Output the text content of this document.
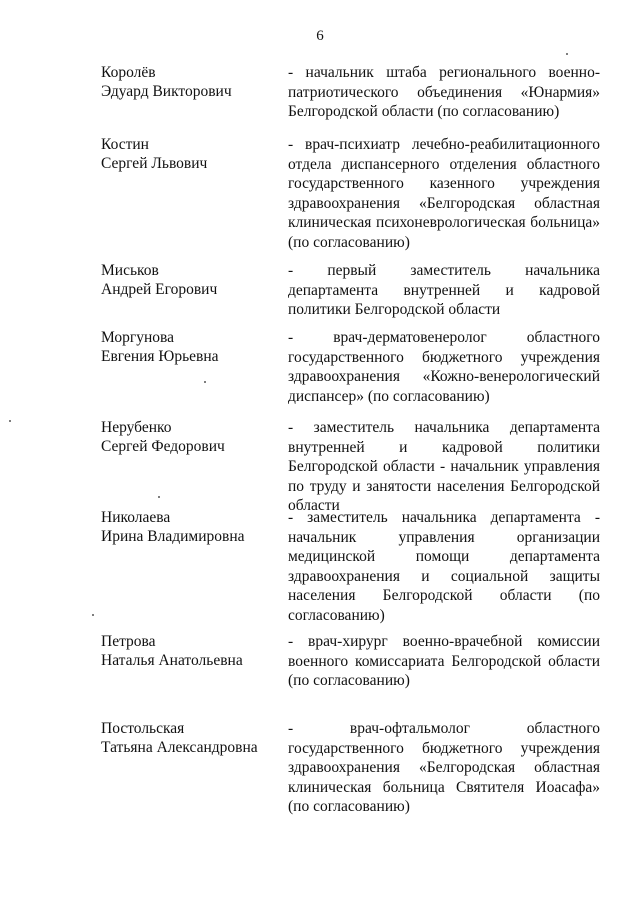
6
Королёв
Эдуард Викторович
- начальник штаба регионального военно-патриотического объединения «Юнармия» Белгородской области (по согласованию)
Костин
Сергей Львович
- врач-психиатр лечебно-реабилитационного отдела диспансерного отделения областного государственного казенного учреждения здравоохранения «Белгородская областная клиническая психоневрологическая больница» (по согласованию)
Миськов
Андрей Егорович
- первый заместитель начальника департамента внутренней и кадровой политики Белгородской области
Моргунова
Евгения Юрьевна
- врач-дерматовенеролог областного государственного бюджетного учреждения здравоохранения «Кожно-венерологический диспансер» (по согласованию)
Нерубенко
Сергей Федорович
- заместитель начальника департамента внутренней и кадровой политики Белгородской области - начальник управления по труду и занятости населения Белгородской области
Николаева
Ирина Владимировна
- заместитель начальника департамента - начальник управления организации медицинской помощи департамента здравоохранения и социальной защиты населения Белгородской области (по согласованию)
Петрова
Наталья Анатольевна
- врач-хирург военно-врачебной комиссии военного комиссариата Белгородской области (по согласованию)
Постольская
Татьяна Александровна
- врач-офтальмолог областного государственного бюджетного учреждения здравоохранения «Белгородская областная клиническая больница Святителя Иоасафа» (по согласованию)
